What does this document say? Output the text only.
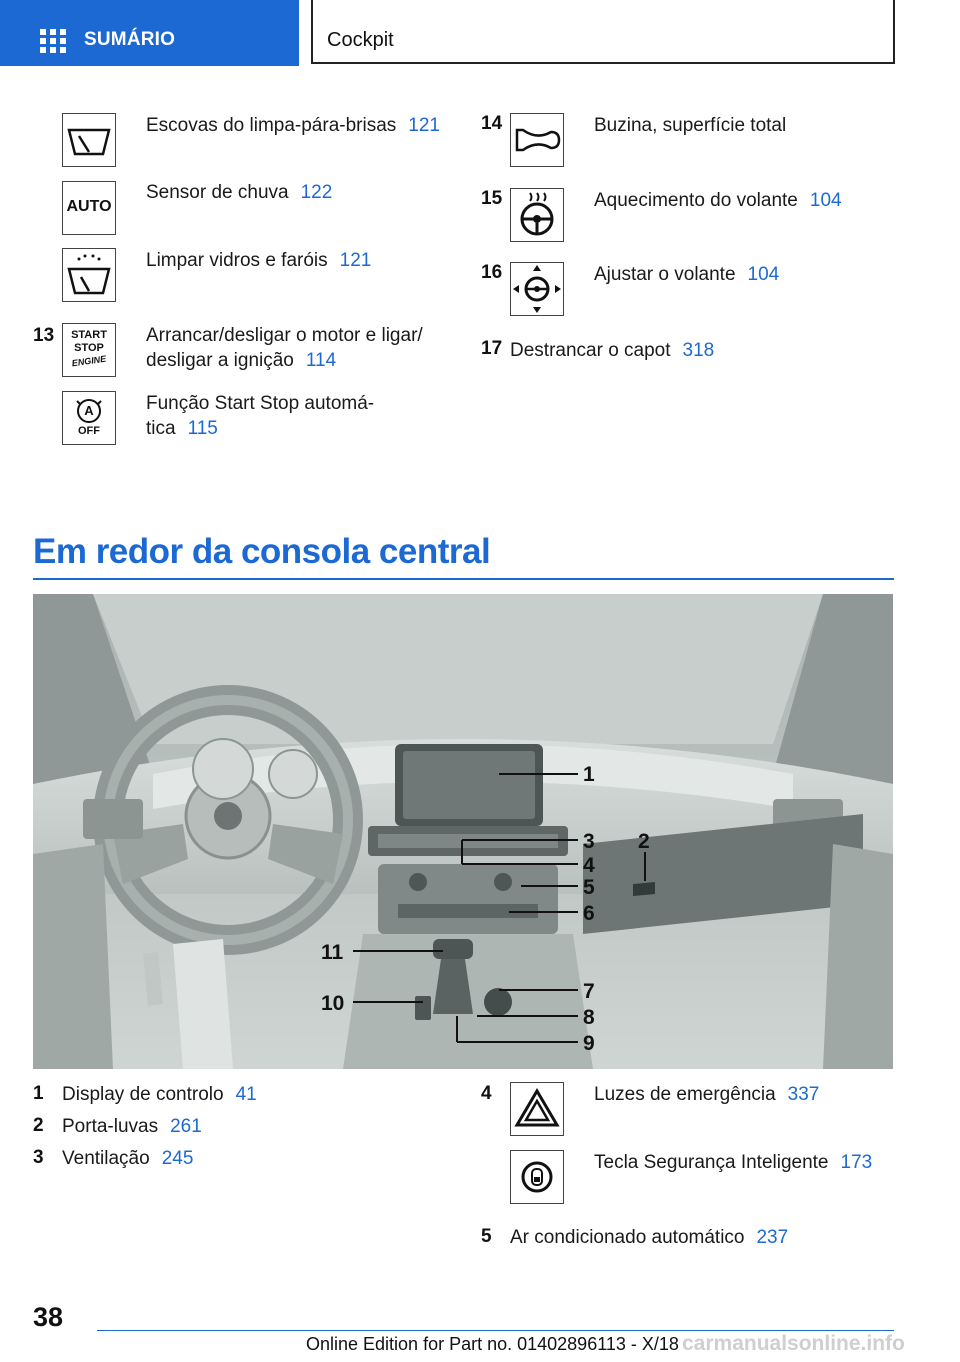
SUMÁRIO	Cockpit
Escovas do limpa-pára-brisas 121
AUTO
Sensor de chuva 122
Limpar vidros e faróis 121
13	START
STOP
ENGINE
Arrancar/desligar o motor e ligar/
desligar a ignição 114
A
OFF
Função Start Stop automá-
tica 115
14	Buzina, superfície total
15	Aquecimento do volante 104
16	Ajustar o volante 104
17 Destrancar o capot 318
Em redor da consola central
1
2
3
4
5
6
7
8
9
10
11
1 Display de controlo 41
2 Porta-luvas 261
3 Ventilação 245
4	Luzes de emergência 337
Tecla Segurança Inteligente 173
5 Ar condicionado automático 237
38
Online Edition for Part no. 01402896113 - X/18 carmanualsonline.info
